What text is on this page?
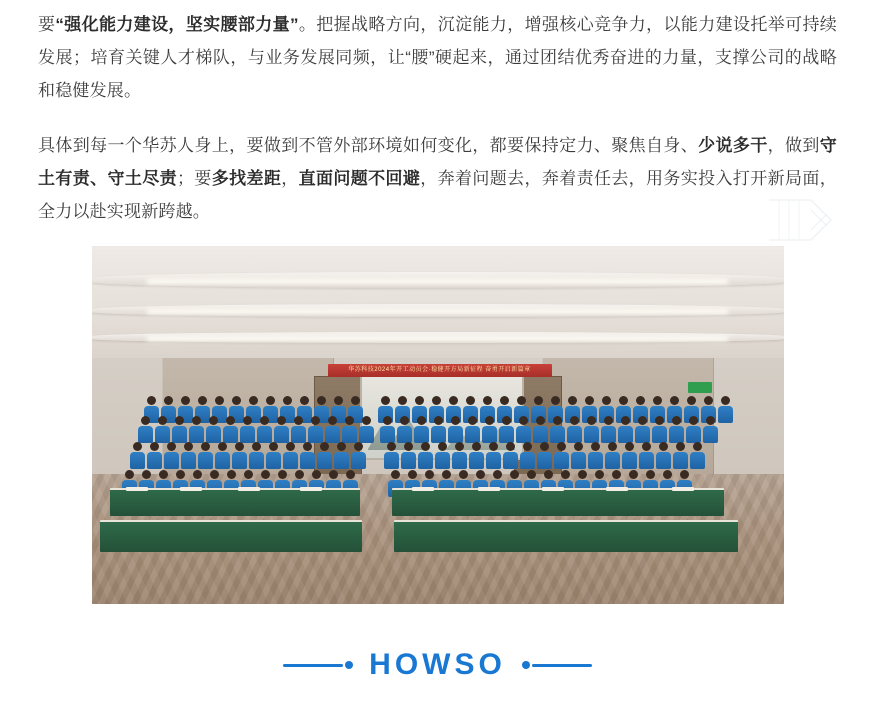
要“强化能力建设，坚实腰部力量”。把握战略方向，沉淀能力，增强核心竞争力，以能力建设托举可持续发展；培育关键人才梯队，与业务发展同频，让“腰”硬起来，通过团结优秀奋进的力量，支撑公司的战略和稳健发展。

具体到每一个华苏人身上，要做到不管外部环境如何变化，都要保持定力、聚焦自身、少说多干，做到守土有责、守土尽责；要多找差距，直面问题不回避，奔着问题去，奔着责任去，用务实投入打开新局面，全力以赴实现新跨越。

华苏科技2024年开工动员会·稳健开方局新征程 奋勇开启新篇章
HOWSO
